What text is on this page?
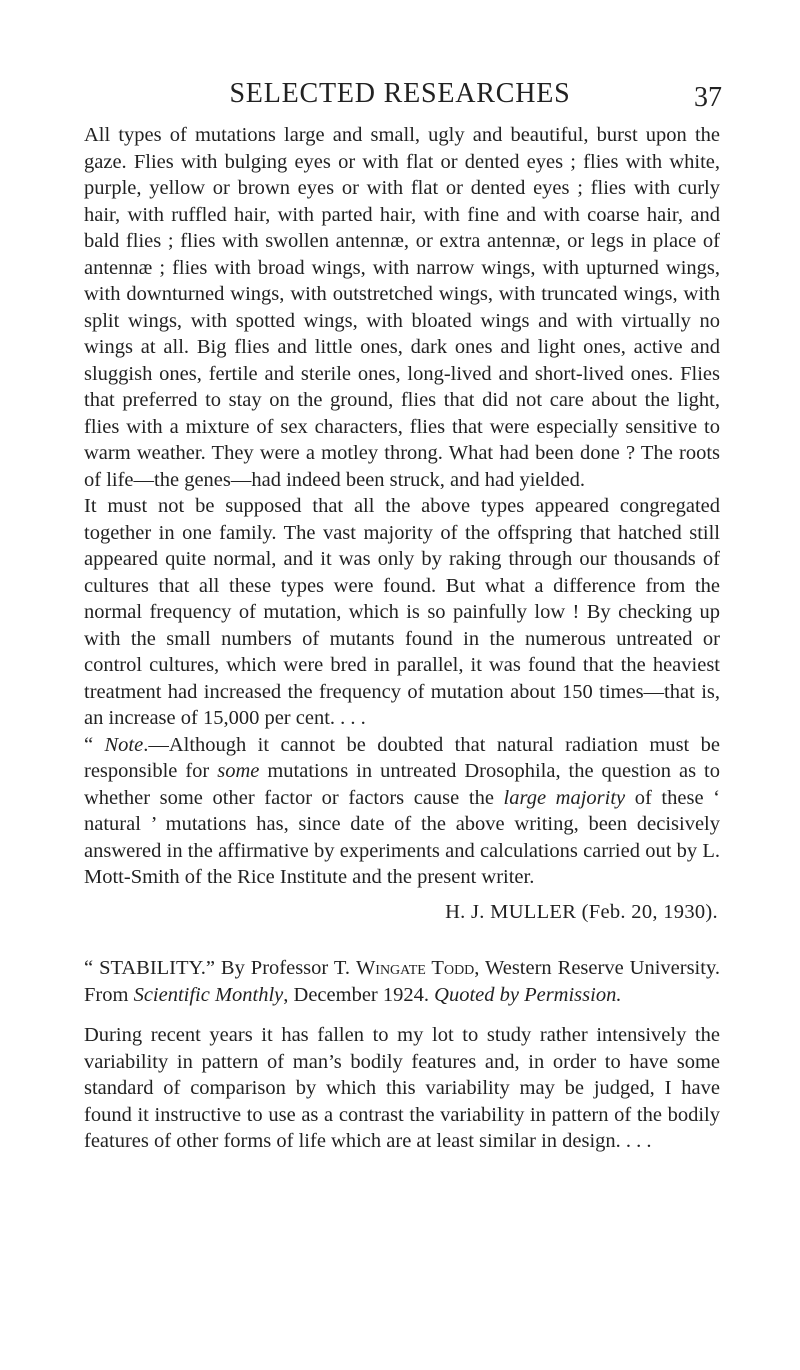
SELECTED RESEARCHES	37

All types of mutations large and small, ugly and beautiful, burst upon the gaze. Flies with bulging eyes or with flat or dented eyes ; flies with white, purple, yellow or brown eyes or with flat or dented eyes ; flies with curly hair, with ruffled hair, with parted hair, with fine and with coarse hair, and bald flies ; flies with swollen antennæ, or extra antennæ, or legs in place of antennæ ; flies with broad wings, with narrow wings, with upturned wings, with downturned wings, with outstretched wings, with truncated wings, with split wings, with spotted wings, with bloated wings and with virtually no wings at all. Big flies and little ones, dark ones and light ones, active and sluggish ones, fertile and sterile ones, long-lived and short-lived ones. Flies that preferred to stay on the ground, flies that did not care about the light, flies with a mixture of sex characters, flies that were especially sensitive to warm weather. They were a motley throng. What had been done ? The roots of life—the genes—had indeed been struck, and had yielded.

It must not be supposed that all the above types appeared congregated together in one family. The vast majority of the offspring that hatched still appeared quite normal, and it was only by raking through our thousands of cultures that all these types were found. But what a difference from the normal frequency of mutation, which is so painfully low ! By checking up with the small numbers of mutants found in the numerous untreated or control cultures, which were bred in parallel, it was found that the heaviest treatment had increased the frequency of mutation about 150 times—that is, an increase of 15,000 per cent. . . .

“ Note.—Although it cannot be doubted that natural radiation must be responsible for some mutations in untreated Drosophila, the question as to whether some other factor or factors cause the large majority of these ‘ natural ’ mutations has, since date of the above writing, been decisively answered in the affirmative by experiments and calculations carried out by L. Mott-Smith of the Rice Institute and the present writer.

H. J. MULLER (Feb. 20, 1930).

“ STABILITY.” By Professor T. Wingate Todd, Western Reserve University. From Scientific Monthly, December 1924. Quoted by Permission.

During recent years it has fallen to my lot to study rather intensively the variability in pattern of man’s bodily features and, in order to have some standard of comparison by which this variability may be judged, I have found it instructive to use as a contrast the variability in pattern of the bodily features of other forms of life which are at least similar in design. . . .
